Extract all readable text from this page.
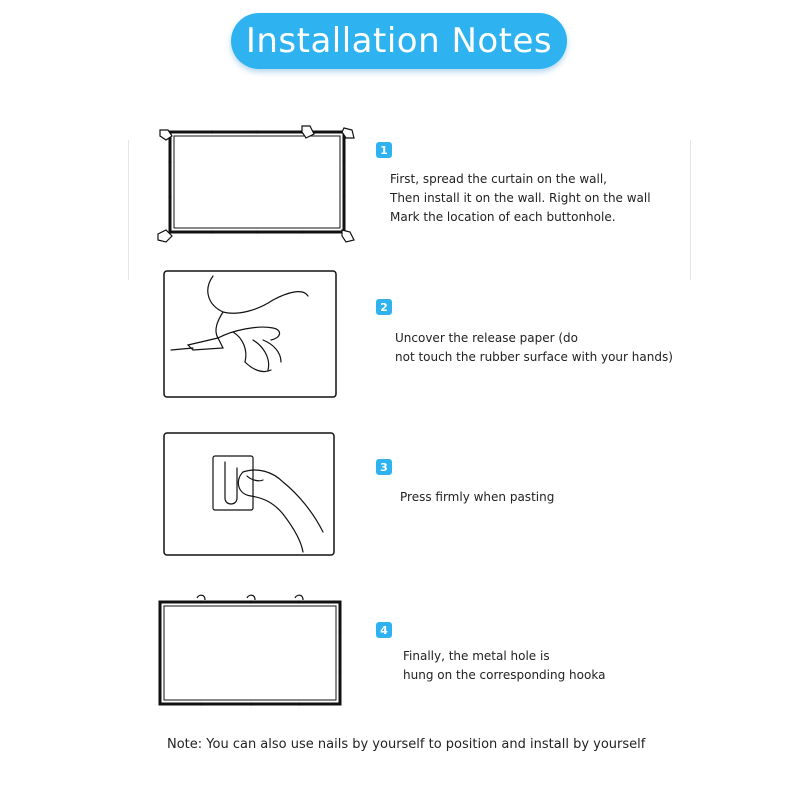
Installation Notes
1
2
3
4
First, spread the curtain on the wall,
Then install it on the wall. Right on the wall
Mark the location of each buttonhole.
Uncover the release paper (do
not touch the rubber surface with your hands)
Press firmly when pasting
Finally, the metal hole is
hung on the corresponding hooka
Note: You can also use nails by yourself to position and install by yourself
